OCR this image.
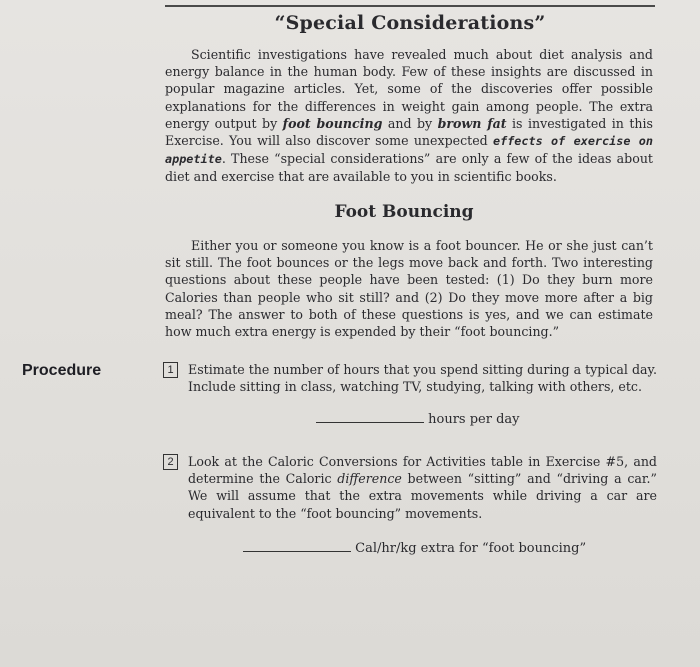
“Special Considerations”

Scientific investigations have revealed much about diet analysis and energy balance in the human body. Few of these insights are discussed in popular magazine articles. Yet, some of the discoveries offer possible explanations for the differences in weight gain among people. The extra energy output by foot bouncing and by brown fat is investigated in this Exercise. You will also discover some unexpected effects of exercise on appetite. These “special considerations” are only a few of the ideas about diet and exercise that are available to you in scientific books.

Foot Bouncing

Either you or someone you know is a foot bouncer. He or she just can’t sit still. The foot bounces or the legs move back and forth. Two interesting questions about these people have been tested: (1) Do they burn more Calories than people who sit still? and (2) Do they move more after a big meal? The answer to both of these questions is yes, and we can estimate how much extra energy is expended by their “foot bouncing.”

Procedure	1	Estimate the number of hours that you spend sitting during a typical day. Include sitting in class, watching TV, studying, talking with others, etc.
hours per day
2	Look at the Caloric Conversions for Activities table in Exercise #5, and determine the Caloric difference between “sitting” and “driving a car.” We will assume that the extra movements while driving a car are equivalent to the “foot bouncing” movements.
Cal/hr/kg extra for “foot bouncing”
